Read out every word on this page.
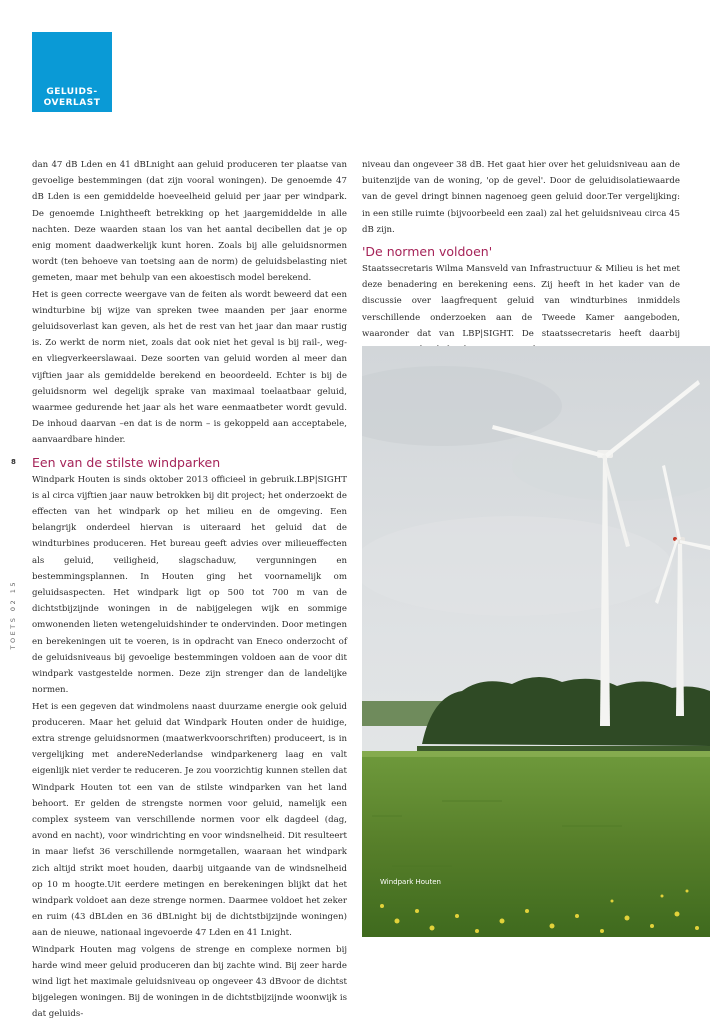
GELUIDS-
OVERLAST
8
TOETS 02 15

dan 47 dB Lden en 41 dBLnight aan geluid produceren ter plaatse van gevoelige bestemmingen (dat zijn vooral woningen). De genoemde 47 dB Lden is een gemiddelde hoeveelheid geluid per jaar per windpark. De genoemde Lnightheeft betrekking op het jaargemiddelde in alle nachten. Deze waarden staan los van het aantal decibellen dat je op enig moment daadwerkelijk kunt horen. Zoals bij alle geluidsnormen wordt (ten behoeve van toetsing aan de norm) de geluidsbelasting niet gemeten, maar met behulp van een akoestisch model berekend.

Het is geen correcte weergave van de feiten als wordt beweerd dat een windturbine bij wijze van spreken twee maanden per jaar enorme geluidsoverlast kan geven, als het de rest van het jaar dan maar rustig is. Zo werkt de norm niet, zoals dat ook niet het geval is bij rail-, weg- en vliegverkeerslawaai. Deze soorten van geluid worden al meer dan vijftien jaar als gemiddelde berekend en beoordeeld. Echter is bij de geluidsnorm wel degelijk sprake van maximaal toelaatbaar geluid, waarmee gedurende het jaar als het ware eenmaatbeter wordt gevuld. De inhoud daarvan –en dat is de norm – is gekoppeld aan acceptabele, aanvaardbare hinder.

Een van de stilste windparken

Windpark Houten is sinds oktober 2013 officieel in gebruik.LBP|SIGHT is al circa vijftien jaar nauw betrokken bij dit project; het onderzoekt de effecten van het windpark op het milieu en de omgeving. Een belangrijk onderdeel hiervan is uiteraard het geluid dat de windturbines produceren. Het bureau geeft advies over milieueffecten als geluid, veiligheid, slagschaduw, vergunningen en bestemmingsplannen. In Houten ging het voornamelijk om geluidsaspecten. Het windpark ligt op 500 tot 700 m van de dichtstbijzijnde woningen in de nabijgelegen wijk en sommige omwonenden lieten wetengeluidshinder te ondervinden. Door metingen en berekeningen uit te voeren, is in opdracht van Eneco onderzocht of de geluidsniveaus bij gevoelige bestemmingen voldoen aan de voor dit windpark vastgestelde normen. Deze zijn strenger dan de landelijke normen.

Het is een gegeven dat windmolens naast duurzame energie ook geluid produceren. Maar het geluid dat Windpark Houten onder de huidige, extra strenge geluidsnormen (maatwerkvoorschriften) produceert, is in vergelijking met andereNederlandse windparkenerg laag en valt eigenlijk niet verder te reduceren. Je zou voorzichtig kunnen stellen dat Windpark Houten tot een van de stilste windparken van het land behoort. Er gelden de strengste normen voor geluid, namelijk een complex systeem van verschillende normen voor elk dagdeel (dag, avond en nacht), voor windrichting en voor windsnelheid. Dit resulteert in maar liefst 36 verschillende normgetallen, waaraan het windpark zich altijd strikt moet houden, daarbij uitgaande van de windsnelheid op 10 m hoogte.Uit eerdere metingen en berekeningen blijkt dat het windpark voldoet aan deze strenge normen. Daarmee voldoet het zeker en ruim (43 dBLden en 36 dBLnight bij de dichtstbijzijnde woningen) aan de nieuwe, nationaal ingevoerde 47 Lden en 41 Lnight.

Windpark Houten mag volgens de strenge en complexe normen bij harde wind meer geluid produceren dan bij zachte wind. Bij zeer harde wind ligt het maximale geluidsniveau op ongeveer 43 dBvoor de dichtst bijgelegen woningen. Bij de woningen in de dichtstbijzijnde woonwijk is dat geluids-

niveau dan ongeveer 38 dB. Het gaat hier over het geluidsniveau aan de buitenzijde van de woning, 'op de gevel'. Door de geluidisolatiewaarde van de gevel dringt binnen nagenoeg geen geluid door.Ter vergelijking: in een stille ruimte (bijvoorbeeld een zaal) zal het geluidsniveau circa 45 dB zijn.

'De normen voldoen'

Staatssecretaris Wilma Mansveld van Infrastructuur & Milieu is het met deze benadering en berekening eens. Zij heeft in het kader van de discussie over laagfrequent geluid van windturbines inmiddels verschillende onderzoeken aan de Tweede Kamer aangeboden, waaronder dat van LBP|SIGHT. De staatssecretaris heeft daarbij

Windpark Houten
